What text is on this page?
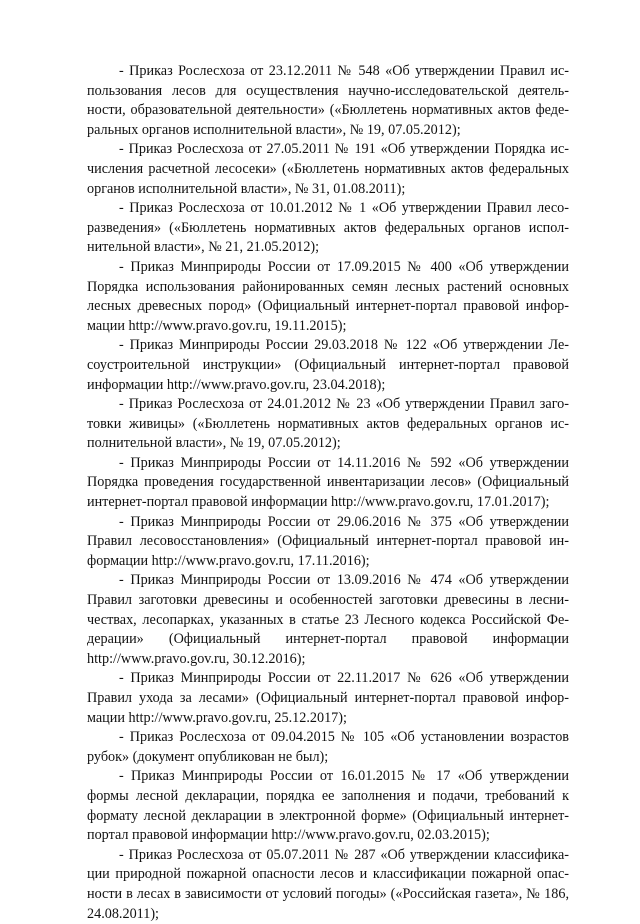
- Приказ Рослесхоза от 23.12.2011 № 548 «Об утверждении Правил использования лесов для осуществления научно-исследовательской деятельности, образовательной деятельности» («Бюллетень нормативных актов федеральных органов исполнительной власти», № 19, 07.05.2012);

- Приказ Рослесхоза от 27.05.2011 № 191 «Об утверждении Порядка исчисления расчетной лесосеки» («Бюллетень нормативных актов федеральных органов исполнительной власти», № 31, 01.08.2011);

- Приказ Рослесхоза от 10.01.2012 № 1 «Об утверждении Правил лесоразведения» («Бюллетень нормативных актов федеральных органов исполнительной власти», № 21, 21.05.2012);

- Приказ Минприроды России от 17.09.2015 № 400 «Об утверждении Порядка использования районированных семян лесных растений основных лесных древесных пород» (Официальный интернет-портал правовой информации http://www.pravo.gov.ru, 19.11.2015);

- Приказ Минприроды России 29.03.2018 № 122 «Об утверждении Лесоустроительной инструкции» (Официальный интернет-портал правовой информации http://www.pravo.gov.ru, 23.04.2018);

- Приказ Рослесхоза от 24.01.2012 № 23 «Об утверждении Правил заготовки живицы» («Бюллетень нормативных актов федеральных органов исполнительной власти», № 19, 07.05.2012);

- Приказ Минприроды России от 14.11.2016 № 592 «Об утверждении Порядка проведения государственной инвентаризации лесов» (Официальный интернет-портал правовой информации http://www.pravo.gov.ru, 17.01.2017);

- Приказ Минприроды России от 29.06.2016 № 375 «Об утверждении Правил лесовосстановления» (Официальный интернет-портал правовой информации http://www.pravo.gov.ru, 17.11.2016);

- Приказ Минприроды России от 13.09.2016 № 474 «Об утверждении Правил заготовки древесины и особенностей заготовки древесины в лесничествах, лесопарках, указанных в статье 23 Лесного кодекса Российской Федерации» (Официальный интернет-портал правовой информации http://www.pravo.gov.ru, 30.12.2016);

- Приказ Минприроды России от 22.11.2017 № 626 «Об утверждении Правил ухода за лесами» (Официальный интернет-портал правовой информации http://www.pravo.gov.ru, 25.12.2017);

- Приказ Рослесхоза от 09.04.2015 № 105 «Об установлении возрастов рубок» (документ опубликован не был);

- Приказ Минприроды России от 16.01.2015 № 17 «Об утверждении формы лесной декларации, порядка ее заполнения и подачи, требований к формату лесной декларации в электронной форме» (Официальный интернет-портал правовой информации http://www.pravo.gov.ru, 02.03.2015);

- Приказ Рослесхоза от 05.07.2011 № 287 «Об утверждении классификации природной пожарной опасности лесов и классификации пожарной опасности в лесах в зависимости от условий погоды» («Российская газета», № 186, 24.08.2011);
